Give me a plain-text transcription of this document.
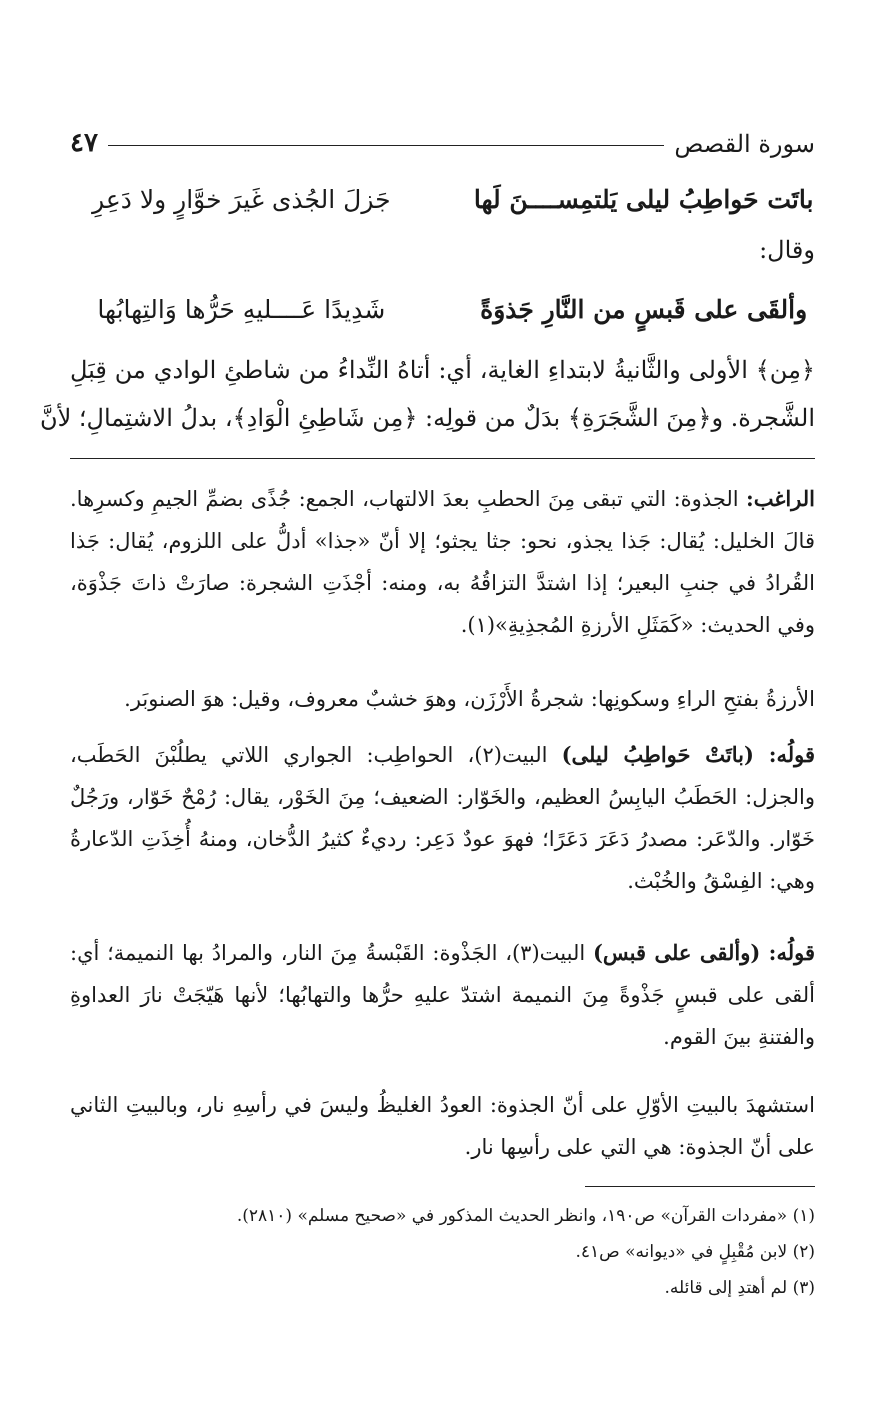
سورة القصص
٤٧
باتَت حَواطِبُ ليلى يَلتمِســــنَ لَها
جَزلَ الجُذى غَيرَ خوَّارٍ ولا دَعِرِ
وقال:
وألقَى على قَبسٍ من النَّارِ جَذوَةً
شَدِيدًا عَــــليهِ حَرُّها وَالتِهابُها
﴿مِن﴾ الأولى والثَّانيةُ لابتداءِ الغاية، أي: أتاهُ النِّداءُ من شاطئِ الوادي من قِبَلِ
الشَّجرة. و﴿مِنَ الشَّجَرَةِ﴾ بدَلٌ من قولِه: ﴿مِن شَاطِئِ الْوَادِ﴾، بدلُ الاشتِمالِ؛ لأنَّ
الراغب: الجذوة: التي تبقى مِنَ الحطبِ بعدَ الالتهاب، الجمع: جُذًى بضمِّ الجيمِ وكسرِها. قالَ الخليل: يُقال: جَذا يجذو، نحو: جثا يجثو؛ إلا أنّ «جذا» أدلُّ على اللزوم، يُقال: جَذا القُرادُ في جنبِ البعير؛ إذا اشتدَّ التزاقُهُ به، ومنه: أجْذَتِ الشجرة: صارَتْ ذاتَ جَذْوَة، وفي الحديث: «كَمَثَلِ الأرزةِ المُجذِيةِ»(١).
الأرزةُ بفتحِ الراءِ وسكونِها: شجرةُ الأَرْزَن، وهوَ خشبٌ معروف، وقيل: هوَ الصنوبَر.
قولُه: (باتَتْ حَواطِبُ ليلى) البيت(٢)، الحواطِب: الجواري اللاتي يطلُبْنَ الحَطَب، والجزل: الحَطَبُ اليابِسُ العظيم، والخَوّار: الضعيف؛ مِنَ الخَوْر، يقال: رُمْحٌ خَوّار، ورَجُلٌ خَوّار. والدّعَر: مصدرُ دَعَرَ دَعَرًا؛ فهوَ عودٌ دَعِر: رديءٌ كثيرُ الدُّخان، ومنهُ أُخِذَتِ الدّعارةُ وهي: الفِسْقُ والخُبْث.
قولُه: (وألقى على قبس) البيت(٣)، الجَذْوة: القَبْسةُ مِنَ النار، والمرادُ بها النميمة؛ أي: ألقى على قبسٍ جَذْوةً مِنَ النميمة اشتدّ عليهِ حرُّها والتهابُها؛ لأنها هَيّجَتْ نارَ العداوةِ والفتنةِ بينَ القوم.
استشهدَ بالبيتِ الأوّلِ على أنّ الجذوة: العودُ الغليظُ وليسَ في رأسِهِ نار، وبالبيتِ الثاني على أنّ الجذوة: هي التي على رأسِها نار.
(١) «مفردات القرآن» ص١٩٠، وانظر الحديث المذكور في «صحيح مسلم» (٢٨١٠).
(٢) لابن مُقْبِلٍ في «ديوانه» ص٤١.
(٣) لم أهتدِ إلى قائله.
